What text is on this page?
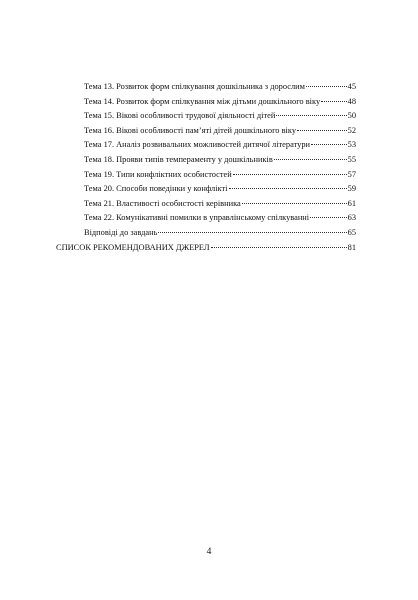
Тема 13. Розвиток форм спілкування дошкільника з дорослим	45
Тема 14. Розвиток форм спілкування між дітьми дошкільного віку	48
Тема 15. Вікові особливості трудової діяльності дітей	50
Тема 16. Вікові особливості пам’яті дітей дошкільного віку	52
Тема 17. Аналіз розвивальних можливостей дитячої літератури	53
Тема 18. Прояви типів темпераменту у дошкільників	55
Тема 19. Типи конфліктних особистостей	57
Тема 20. Способи поведінки у конфлікті	59
Тема 21. Властивості особистості керівника	61
Тема 22. Комунікативні помилки в управлінському спілкуванні	63
Відповіді до завдань	65
СПИСОК РЕКОМЕНДОВАНИХ ДЖЕРЕЛ	81
4
